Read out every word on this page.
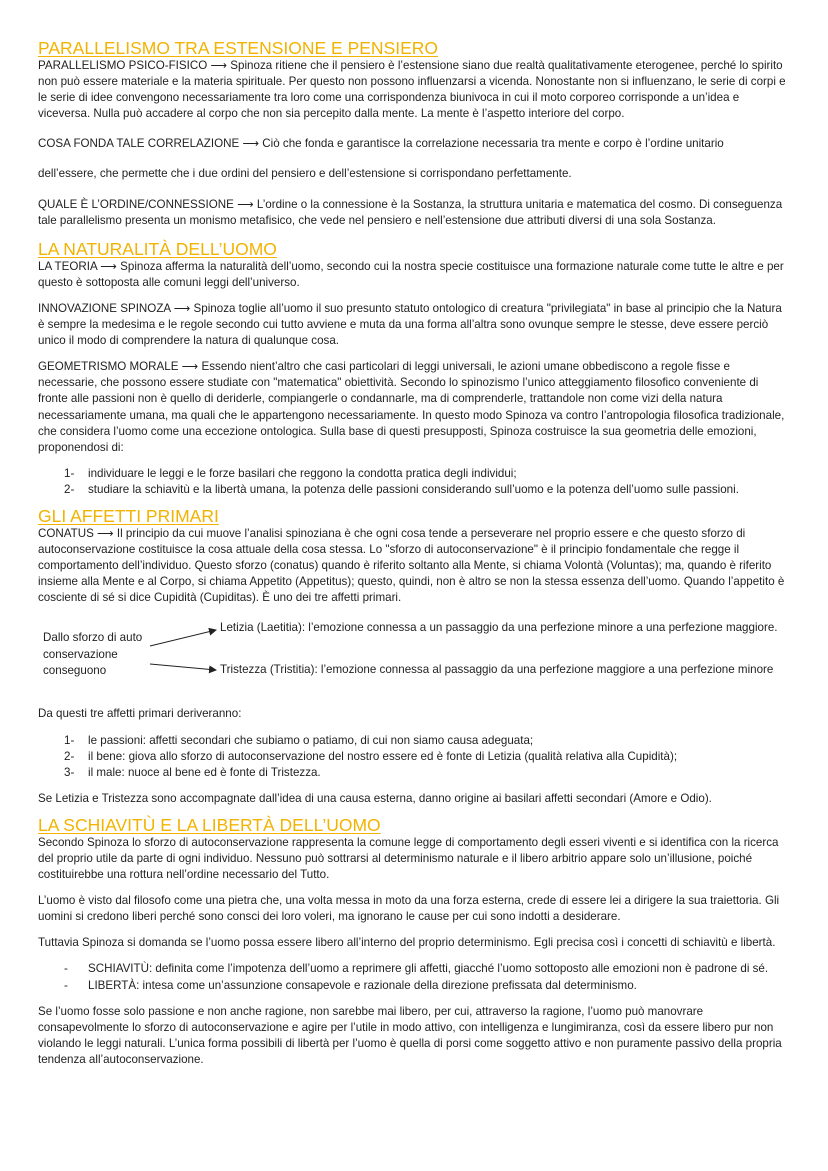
PARALLELISMO TRA ESTENSIONE E PENSIERO

PARALLELISMO PSICO-FISICO ⟶ Spinoza ritiene che il pensiero è l’estensione siano due realtà qualitativamente eterogenee, perché lo spirito non può essere materiale e la materia spirituale. Per questo non possono influenzarsi a vicenda. Nonostante non si influenzano, le serie di corpi e le serie di idee convengono necessariamente tra loro come una corrispondenza biunivoca in cui il moto corporeo corrisponde a un’idea e viceversa. Nulla può accadere al corpo che non sia percepito dalla mente. La mente è l’aspetto interiore del corpo.

COSA FONDA TALE CORRELAZIONE ⟶ Ciò che fonda e garantisce la correlazione necessaria tra mente e corpo è l’ordine unitario

dell’essere, che permette che i due ordini del pensiero e dell’estensione si corrispondano perfettamente.

QUALE È L’ORDINE/CONNESSIONE ⟶ L’ordine o la connessione è la Sostanza, la struttura unitaria e matematica del cosmo. Di conseguenza tale parallelismo presenta un monismo metafisico, che vede nel pensiero e nell’estensione due attributi diversi di una sola Sostanza.

LA NATURALITÀ DELL’UOMO

LA TEORIA ⟶ Spinoza afferma la naturalità dell’uomo, secondo cui la nostra specie costituisce una formazione naturale come tutte le altre e per questo è sottoposta alle comuni leggi dell’universo.

INNOVAZIONE SPINOZA ⟶ Spinoza toglie all’uomo il suo presunto statuto ontologico di creatura "privilegiata" in base al principio che la Natura è sempre la medesima e le regole secondo cui tutto avviene e muta da una forma all’altra sono ovunque sempre le stesse, deve essere perciò unico il modo di comprendere la natura di qualunque cosa.

GEOMETRISMO MORALE ⟶ Essendo nient’altro che casi particolari di leggi universali, le azioni umane obbediscono a regole fisse e necessarie, che possono essere studiate con "matematica" obiettività. Secondo lo spinozismo l’unico atteggiamento filosofico conveniente di fronte alle passioni non è quello di deriderle, compiangerle o condannarle, ma di comprenderle, trattandole non come vizi della natura necessariamente umana, ma quali che le appartengono necessariamente. In questo modo Spinoza va contro l’antropologia filosofica tradizionale, che considera l’uomo come una eccezione ontologica. Sulla base di questi presupposti, Spinoza costruisce la sua geometria delle emozioni, proponendosi di:

1- individuare le leggi e le forze basilari che reggono la condotta pratica degli individui;
2- studiare la schiavitù e la libertà umana, la potenza delle passioni considerando sull’uomo e la potenza dell’uomo sulle passioni.
GLI AFFETTI PRIMARI

CONATUS ⟶ Il principio da cui muove l’analisi spinoziana è che ogni cosa tende a perseverare nel proprio essere e che questo sforzo di autoconservazione costituisce la cosa attuale della cosa stessa. Lo "sforzo di autoconservazione" è il principio fondamentale che regge il comportamento dell’individuo. Questo sforzo (conatus) quando è riferito soltanto alla Mente, si chiama Volontà (Voluntas); ma, quando è riferito insieme alla Mente e al Corpo, si chiama Appetito (Appetitus); questo, quindi, non è altro se non la stessa essenza dell’uomo. Quando l’appetito è cosciente di sé si dice Cupidità (Cupiditas). È uno dei tre affetti primari.

Dallo sforzo di auto conservazione conseguono
Letizia (Laetitia): l’emozione connessa a un passaggio da una perfezione minore a una perfezione maggiore.
Tristezza (Tristitia): l’emozione connessa al passaggio da una perfezione maggiore a una perfezione minore

Da questi tre affetti primari deriveranno:

1- le passioni: affetti secondari che subiamo o patiamo, di cui non siamo causa adeguata;
2- il bene: giova allo sforzo di autoconservazione del nostro essere ed è fonte di Letizia (qualità relativa alla Cupidità);
3- il male: nuoce al bene ed è fonte di Tristezza.

Se Letizia e Tristezza sono accompagnate dall’idea di una causa esterna, danno origine ai basilari affetti secondari (Amore e Odio).

LA SCHIAVITÙ E LA LIBERTÀ DELL’UOMO

Secondo Spinoza lo sforzo di autoconservazione rappresenta la comune legge di comportamento degli esseri viventi e si identifica con la ricerca del proprio utile da parte di ogni individuo. Nessuno può sottrarsi al determinismo naturale e il libero arbitrio appare solo un’illusione, poiché costituirebbe una rottura nell’ordine necessario del Tutto.

L’uomo è visto dal filosofo come una pietra che, una volta messa in moto da una forza esterna, crede di essere lei a dirigere la sua traiettoria. Gli uomini si credono liberi perché sono consci dei loro voleri, ma ignorano le cause per cui sono indotti a desiderare.

Tuttavia Spinoza si domanda se l’uomo possa essere libero all’interno del proprio determinismo. Egli precisa così i concetti di schiavitù e libertà.

- SCHIAVITÙ: definita come l’impotenza dell’uomo a reprimere gli affetti, giacché l’uomo sottoposto alle emozioni non è padrone di sé.
- LIBERTÀ: intesa come un’assunzione consapevole e razionale della direzione prefissata dal determinismo.

Se l’uomo fosse solo passione e non anche ragione, non sarebbe mai libero, per cui, attraverso la ragione, l’uomo può manovrare consapevolmente lo sforzo di autoconservazione e agire per l’utile in modo attivo, con intelligenza e lungimiranza, così da essere libero pur non violando le leggi naturali. L’unica forma possibili di libertà per l’uomo è quella di porsi come soggetto attivo e non puramente passivo della propria tendenza all’autoconservazione.
